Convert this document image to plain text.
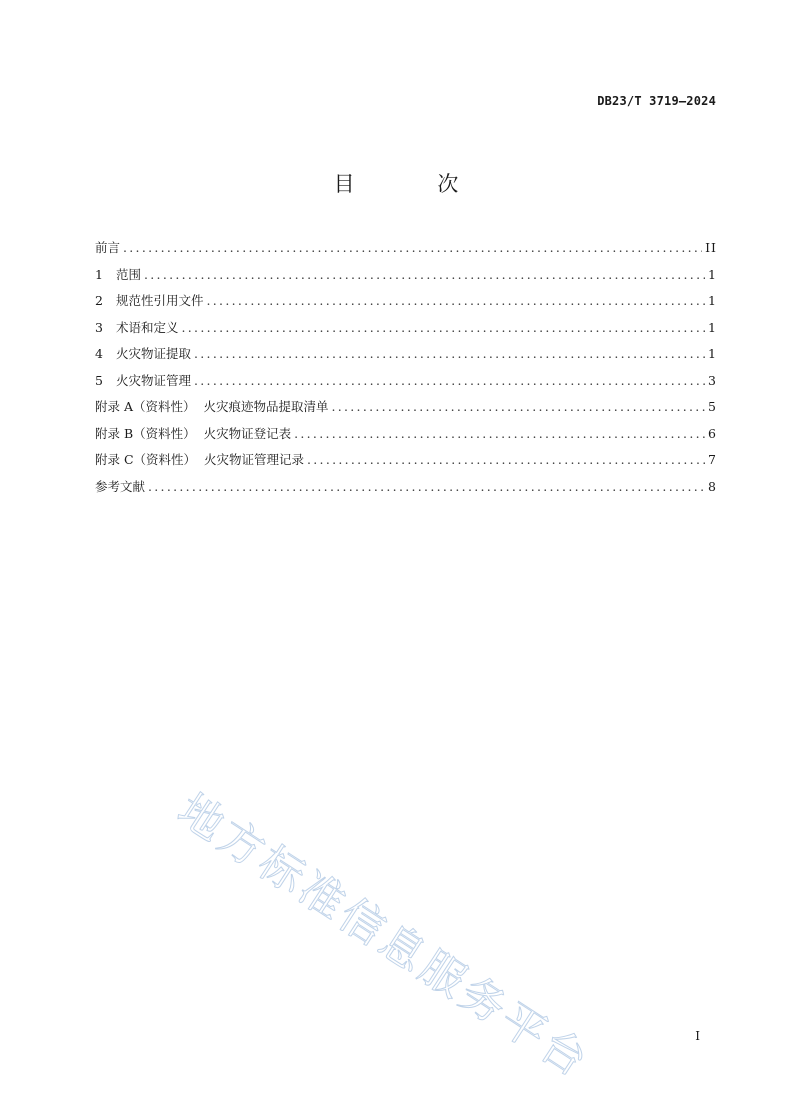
DB23/T 3719—2024
目 次
前言 .....	II
1	范围 .....	1
2	规范性引用文件 .....	1
3	术语和定义 .....	1
4	火灾物证提取 .....	1
5	火灾物证管理 .....	3
附录 A（资料性）  火灾痕迹物品提取清单 .....	5
附录 B（资料性）  火灾物证登记表 .....	6
附录 C（资料性）  火灾物证管理记录 .....	7
参考文献 .....	8
地方标准信息服务平台	I
